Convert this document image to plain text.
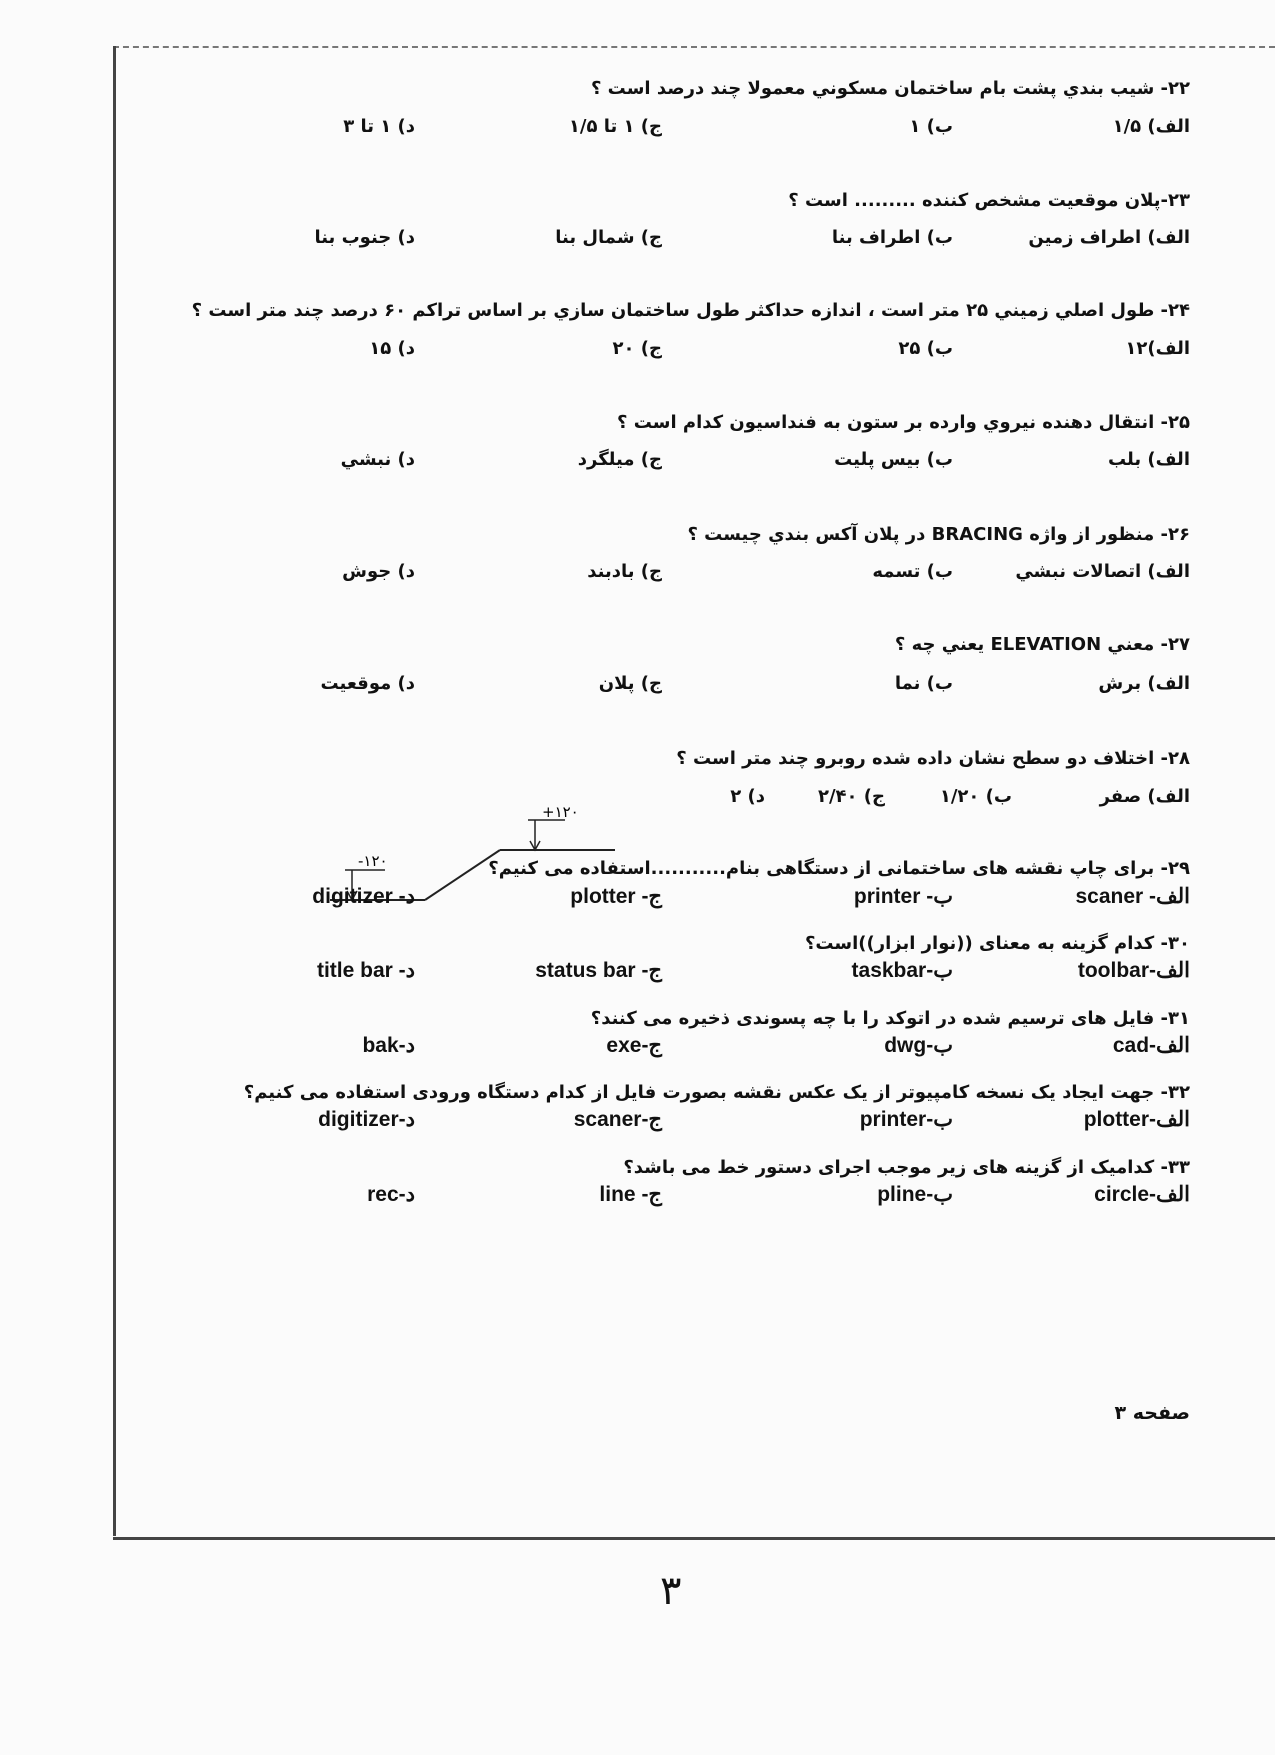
۲۲- شيب بندي پشت بام ساختمان مسكوني معمولا چند درصد است ؟
الف) ۱/۵
ب) ۱
ج) ۱ تا ۱/۵
د) ۱ تا ۳
۲۳-پلان موقعيت مشخص كننده ......... است ؟
الف) اطراف زمين
ب) اطراف بنا
ج) شمال بنا
د) جنوب بنا
۲۴- طول اصلي زميني ۲۵ متر است ، اندازه حداكثر طول ساختمان سازي بر اساس تراكم ۶۰ درصد چند متر است ؟
الف)۱۲
ب) ۲۵
ج) ۲۰
د) ۱۵
۲۵- انتقال دهنده نيروي وارده بر ستون به فنداسيون كدام است ؟
الف) بلب
ب) بيس پليت
ج) ميلگرد
د) نبشي
۲۶- منظور از واژه BRACING در پلان آكس بندي چيست ؟
الف) اتصالات نبشي
ب) تسمه
ج) بادبند
د) جوش
۲۷- معني ELEVATION يعني چه ؟
الف) برش
ب) نما
ج) پلان
د) موقعيت
۲۸- اختلاف دو سطح نشان داده شده روبرو چند متر است ؟
الف) صفر
ب) ۱/۲۰
ج) ۲/۴۰
د) ۲
+۱۲۰
-۱۲۰	۲۹- برای چاپ نقشه های ساختمانی از دستگاهی بنام...........استفاده می کنیم؟
الف- scaner
ب- printer
ج- plotter
د- digitizer
۳۰- کدام گزینه به معنای ((نوار ابزار))است؟
الف-toolbar
ب-taskbar
ج- status bar
د- title bar
۳۱- فایل های ترسیم شده در اتوکد را با چه پسوندی ذخیره می کنند؟
الف-cad
ب-dwg
ج-exe
د-bak
۳۲- جهت ایجاد یک نسخه کامپیوتر از یک عکس نقشه بصورت فایل از کدام دستگاه ورودی استفاده می کنیم؟
الف-plotter
ب-printer
ج-scaner
د-digitizer
۳۳- کدامیک از گزینه های زیر موجب اجرای دستور خط می باشد؟
الف-circle
ب-pline
ج- line
د-rec
صفحه ۳
۳
